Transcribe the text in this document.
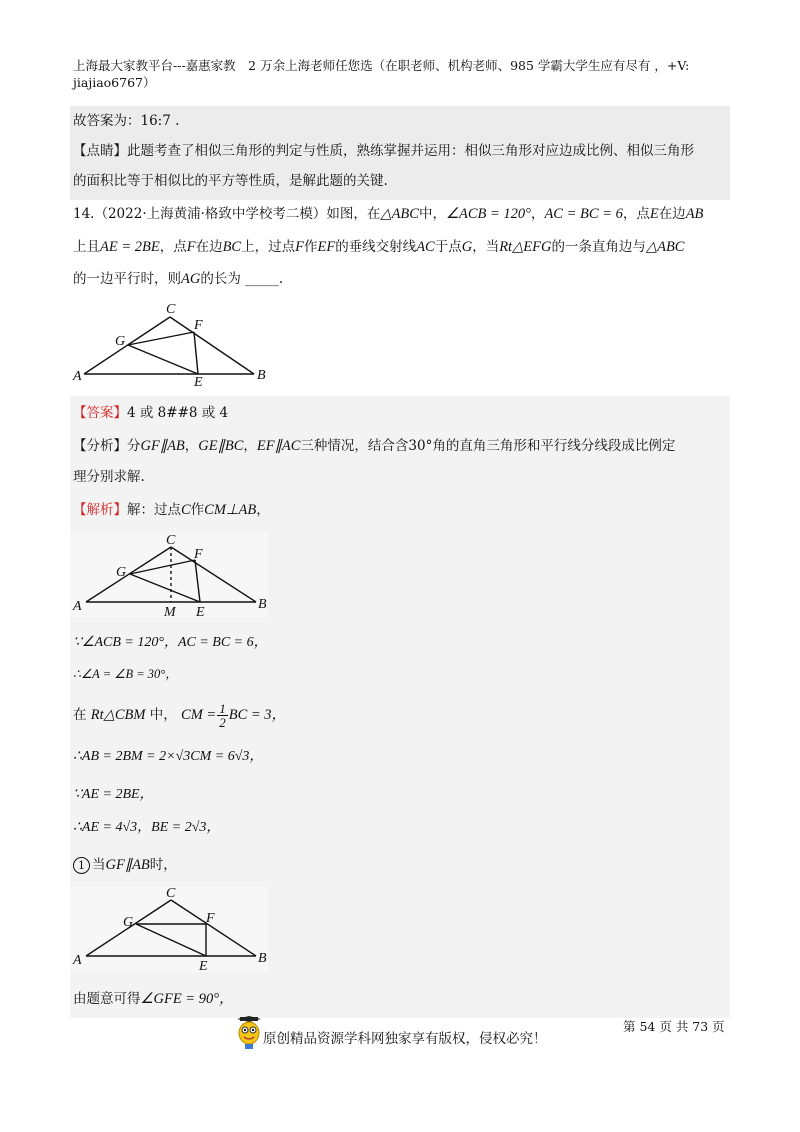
上海最大家教平台---嘉惠家教　2 万余上海老师任您选（在职老师、机构老师、985 学霸大学生应有尽有 ，+V: jiajiao6767）
故答案为：16:7 .
【点睛】此题考查了相似三角形的判定与性质，熟练掌握并运用：相似三角形对应边成比例、相似三角形
的面积比等于相似比的平方等性质，是解此题的关键.
14.（2022·上海黄浦·格致中学校考二模）如图，在△ABC中，∠ACB = 120°，AC = BC = 6，点E在边AB
上且AE = 2BE，点F在边BC上，过点F作EF的垂线交射线AC于点G，当Rt△EFG的一条直角边与△ABC
的一边平行时，则AG的长为 _____.
C
F
G
A	B
E
【答案】4 或 8##8 或 4
【分析】分GF∥AB，GE∥BC，EF∥AC三种情况，结合含30°角的直角三角形和平行线分线段成比例定
理分别求解.
【解析】解：过点C作CM⊥AB，
C
F
G
A	B
M E
∵∠ACB = 120°，AC = BC = 6，
∴∠A = ∠B = 30°，
在 Rt△CBM 中， CM = $\frac{1}{2}$ BC = 3，
∴AB = 2BM = 2×√3CM = 6√3，
∵AE = 2BE，
∴AE = 4√3，BE = 2√3，
1 当GF∥AB时，
C
F
G
A	B
E
由题意可得∠GFE = 90°，
第 54 页 共 73 页
原创精品资源学科网独家享有版权，侵权必究！
